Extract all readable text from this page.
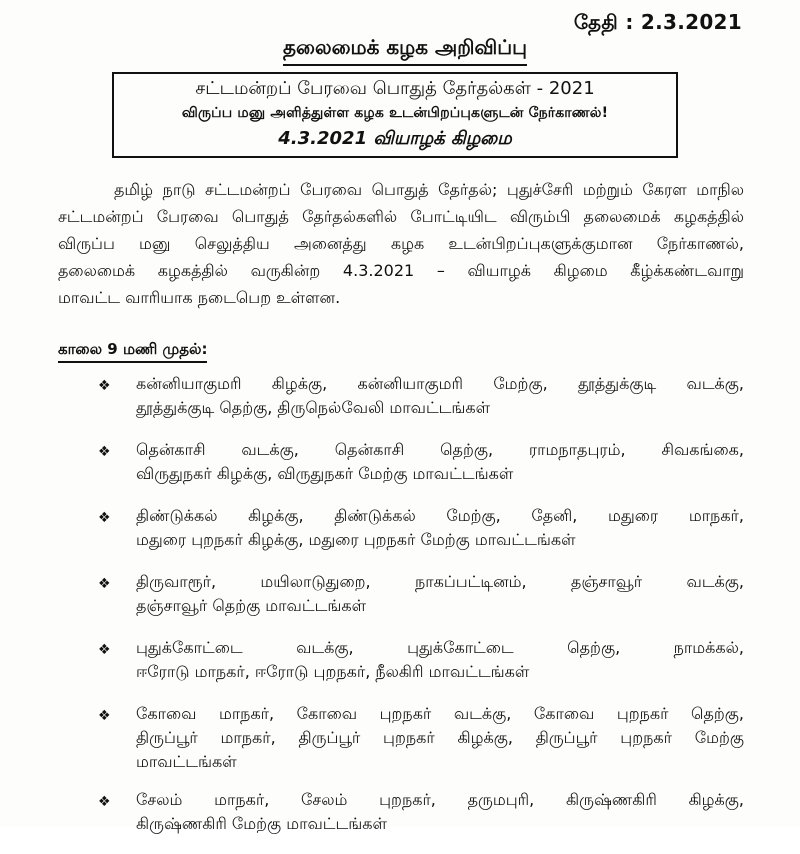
தேதி : 2.3.2021
தலைமைக் கழக அறிவிப்பு
சட்டமன்றப் பேரவை பொதுத் தேர்தல்கள் - 2021
விருப்ப மனு அளித்துள்ள கழக உடன்பிறப்புகளுடன் நேர்காணல்!
4.3.2021 வியாழக் கிழமை
தமிழ் நாடு சட்டமன்றப் பேரவை பொதுத் தேர்தல்; புதுச்சேரி மற்றும் கேரள மாநில
சட்டமன்றப் பேரவை பொதுத் தேர்தல்களில் போட்டியிட விரும்பி தலைமைக் கழகத்தில்
விருப்ப மனு செலுத்திய அனைத்து கழக உடன்பிறப்புகளுக்குமான நேர்காணல்,
தலைமைக் கழகத்தில் வருகின்ற 4.3.2021 – வியாழக் கிழமை கீழ்க்கண்டவாறு
மாவட்ட வாரியாக நடைபெற உள்ளன.
காலை 9 மணி முதல்:
❖ கன்னியாகுமரி கிழக்கு, கன்னியாகுமரி மேற்கு, தூத்துக்குடி வடக்கு,
தூத்துக்குடி தெற்கு, திருநெல்வேலி மாவட்டங்கள்
❖ தென்காசி வடக்கு, தென்காசி தெற்கு, ராமநாதபுரம், சிவகங்கை,
விருதுநகர் கிழக்கு, விருதுநகர் மேற்கு மாவட்டங்கள்
❖ திண்டுக்கல் கிழக்கு, திண்டுக்கல் மேற்கு, தேனி, மதுரை மாநகர்,
மதுரை புறநகர் கிழக்கு, மதுரை புறநகர் மேற்கு மாவட்டங்கள்
❖ திருவாரூர், மயிலாடுதுறை, நாகப்பட்டினம், தஞ்சாவூர் வடக்கு,
தஞ்சாவூர் தெற்கு மாவட்டங்கள்
❖ புதுக்கோட்டை வடக்கு, புதுக்கோட்டை தெற்கு, நாமக்கல்,
ஈரோடு மாநகர், ஈரோடு புறநகர், நீலகிரி மாவட்டங்கள்
❖ கோவை மாநகர், கோவை புறநகர் வடக்கு, கோவை புறநகர் தெற்கு,
திருப்பூர் மாநகர், திருப்பூர் புறநகர் கிழக்கு, திருப்பூர் புறநகர் மேற்கு
மாவட்டங்கள்
❖ சேலம் மாநகர், சேலம் புறநகர், தருமபுரி, கிருஷ்ணகிரி கிழக்கு,
கிருஷ்ணகிரி மேற்கு மாவட்டங்கள்
